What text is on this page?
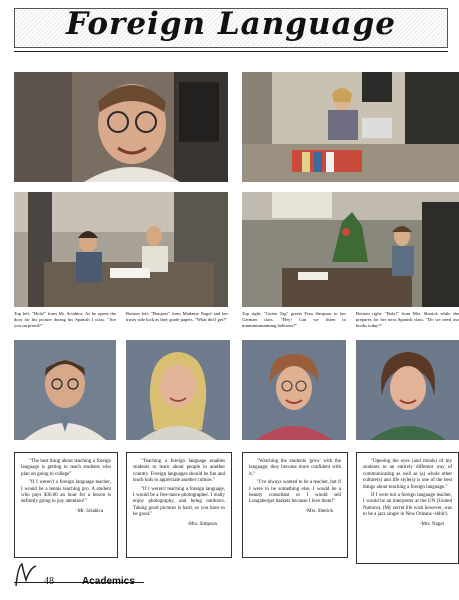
Foreign Language
Top left: "Hola!" from Mr. Sciabica. As he opens the door for his picture during his Spanish I class. "Are you surprised?"
Bottom left: "Bonjour" from Madame Nagel and her trusty side kick as they grade papers. "What did I get?"
Top right: "Guten Tag" greets Frau Simpson to her German class. "Hey! Can we listen to mmmmmmmmmg balloons?"
Bottom right: "Hola!" from Mrs. Sherick while she prepares for her next Spanish class. "Do we need our books today?"

"The best thing about teaching a foreign language is getting to teach students who plan on going to college"

"If I weren't a foreign language teacher, I would be a tennis teaching pro. A student who pays $36.00 an hour for a lesson is definitly going to pay attention!"

-Mr. Sciabica

"Teaching a foreign language enables students to learn about people in another country. Foreign languages should be fun and teach kids to appreciate another culture."

"If I weren't teaching a foreign language, I would be a free-lance photographer. I really enjoy photography, and being outdoors. Taking good pictures is hard, so you have to be good."

-Mrs. Simpson

"Watching the students 'grow' with the language; they become more confident with it."

"I've always wanted to be a teacher, but if I were to be something else, I would be a beauty consultant or I would sell Longaberger baskets because I love them!"

-Mrs. Sherick

"Opening the eyes (and minds) of my students to an entirely different way of communicating as well as (a) whole other culture(s) and life style(s) is one of the best things about teaching a foreign language."

If I were not a foreign language teacher, I would be an interpreter at the UN (United Nations). (My secret life wish however, was to be a jazz singer in New Orleans -shhh!)

-Mrs. Nagel
48	Academics
